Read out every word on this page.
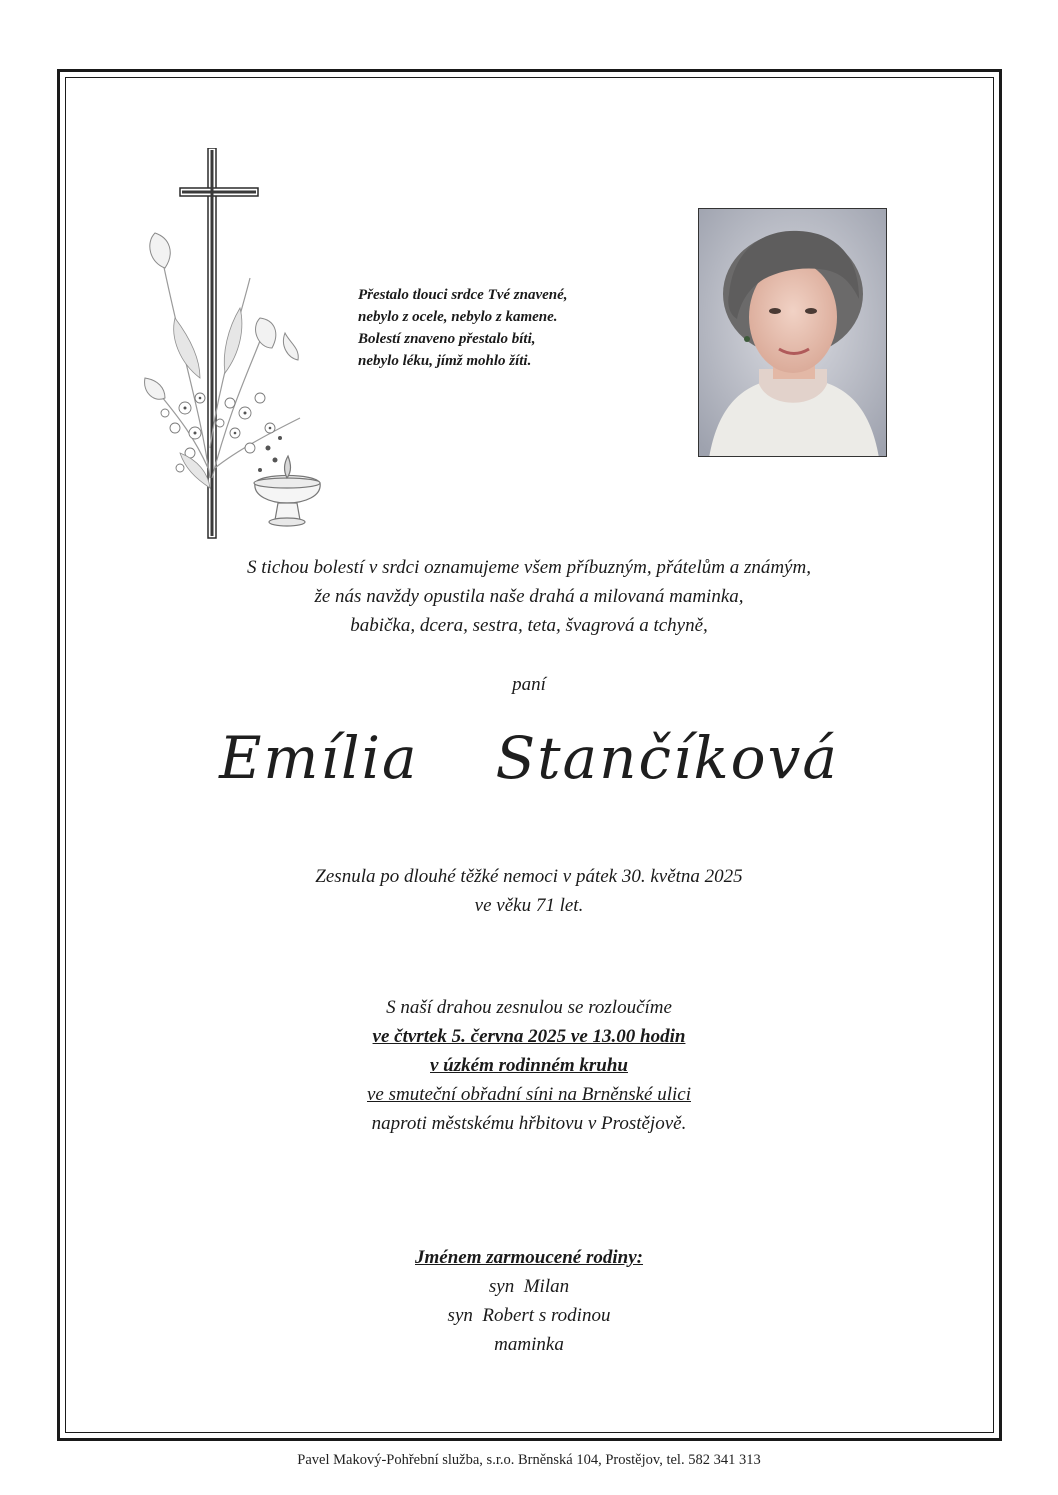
Přestalo tlouci srdce Tvé znavené,
nebylo z ocele, nebylo z kamene.
Bolestí znaveno přestalo bíti,
nebylo léku, jímž mohlo žíti.
S tichou bolestí v srdci oznamujeme všem příbuzným, přátelům a známým,
že nás navždy opustila naše drahá a milovaná maminka,
babička, dcera, sestra, teta, švagrová a tchyně,
paní
Emília  Stančíková
Zesnula po dlouhé těžké nemoci v pátek 30. května 2025
ve věku 71 let.
S naší drahou zesnulou se rozloučíme
ve čtvrtek 5. června 2025 ve 13.00 hodin
v úzkém rodinném kruhu
ve smuteční obřadní síni na Brněnské ulici
naproti městskému hřbitovu v Prostějově.
Jménem zarmoucené rodiny:
syn  Milan
syn  Robert s rodinou
maminka
Pavel Makový-Pohřební služba, s.r.o. Brněnská 104, Prostějov, tel. 582 341 313
